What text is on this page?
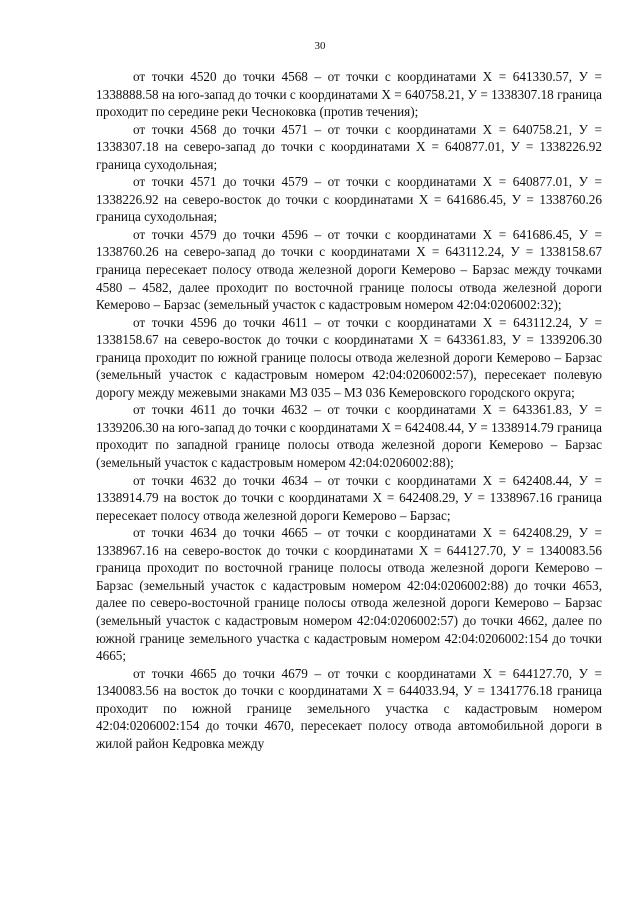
30

от точки 4520 до точки 4568 – от точки с координатами Х = 641330.57, У = 1338888.58 на юго-запад до точки с координатами Х = 640758.21, У = 1338307.18 граница проходит по середине реки Чесноковка (против течения);

от точки 4568 до точки 4571 – от точки с координатами Х = 640758.21, У = 1338307.18 на северо-запад до точки с координатами Х = 640877.01, У = 1338226.92 граница суходольная;

от точки 4571 до точки 4579 – от точки с координатами Х = 640877.01, У = 1338226.92 на северо-восток до точки с координатами Х = 641686.45, У = 1338760.26 граница суходольная;

от точки 4579 до точки 4596 – от точки с координатами Х = 641686.45, У = 1338760.26 на северо-запад до точки с координатами Х = 643112.24, У = 1338158.67 граница пересекает полосу отвода железной дороги Кемерово – Барзас между точками 4580 – 4582, далее проходит по восточной границе полосы отвода железной дороги Кемерово – Барзас (земельный участок с кадастровым номером 42:04:0206002:32);

от точки 4596 до точки 4611 – от точки с координатами Х = 643112.24, У = 1338158.67 на северо-восток до точки с координатами Х = 643361.83, У = 1339206.30 граница проходит по южной границе полосы отвода железной дороги Кемерово – Барзас (земельный участок с кадастровым номером 42:04:0206002:57), пересекает полевую дорогу между межевыми знаками МЗ 035 – МЗ 036 Кемеровского городского округа;

от точки 4611 до точки 4632 – от точки с координатами Х = 643361.83, У = 1339206.30 на юго-запад до точки с координатами Х = 642408.44, У = 1338914.79 граница проходит по западной границе полосы отвода железной дороги Кемерово – Барзас (земельный участок с кадастровым номером 42:04:0206002:88);

от точки 4632 до точки 4634 – от точки с координатами Х = 642408.44, У = 1338914.79 на восток до точки с координатами Х = 642408.29, У = 1338967.16 граница пересекает полосу отвода железной дороги Кемерово – Барзас;

от точки 4634 до точки 4665 – от точки с координатами Х = 642408.29, У = 1338967.16 на северо-восток до точки с координатами Х = 644127.70, У = 1340083.56 граница проходит по восточной границе полосы отвода железной дороги Кемерово – Барзас (земельный участок с кадастровым номером 42:04:0206002:88) до точки 4653, далее по северо-восточной границе полосы отвода железной дороги Кемерово – Барзас (земельный участок с кадастровым номером 42:04:0206002:57) до точки 4662, далее по южной границе земельного участка с кадастровым номером 42:04:0206002:154 до точки 4665;

от точки 4665 до точки 4679 – от точки с координатами Х = 644127.70, У = 1340083.56 на восток до точки с координатами Х = 644033.94, У = 1341776.18 граница проходит по южной границе земельного участка с кадастровым номером 42:04:0206002:154 до точки 4670, пересекает полосу отвода автомобильной дороги в жилой район Кедровка между
